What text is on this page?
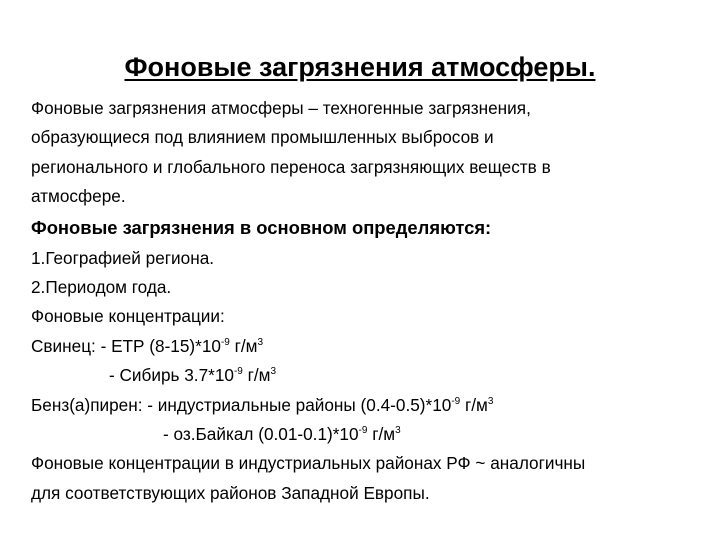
Фоновые загрязнения атмосферы.
Фоновые загрязнения атмосферы – техногенные загрязнения,
образующиеся под влиянием промышленных выбросов и
регионального и глобального переноса загрязняющих веществ в
атмосфере.
Фоновые загрязнения в основном определяются:
1.Географией региона.
2.Периодом года.
Фоновые концентрации:
Свинец: - ЕТР $(8-15)*10^{-9}$ $г/м^3$
- Сибирь $3.7*10^{-9}$ $г/м^3$
Бенз(а)пирен: - индустриальные районы $(0.4-0.5)*10^{-9}$ $г/м^3$
- оз.Байкал $(0.01-0.1)*10^{-9}$ $г/м^3$
Фоновые концентрации в индустриальных районах РФ ~ аналогичны
для соответствующих районов Западной Европы.
